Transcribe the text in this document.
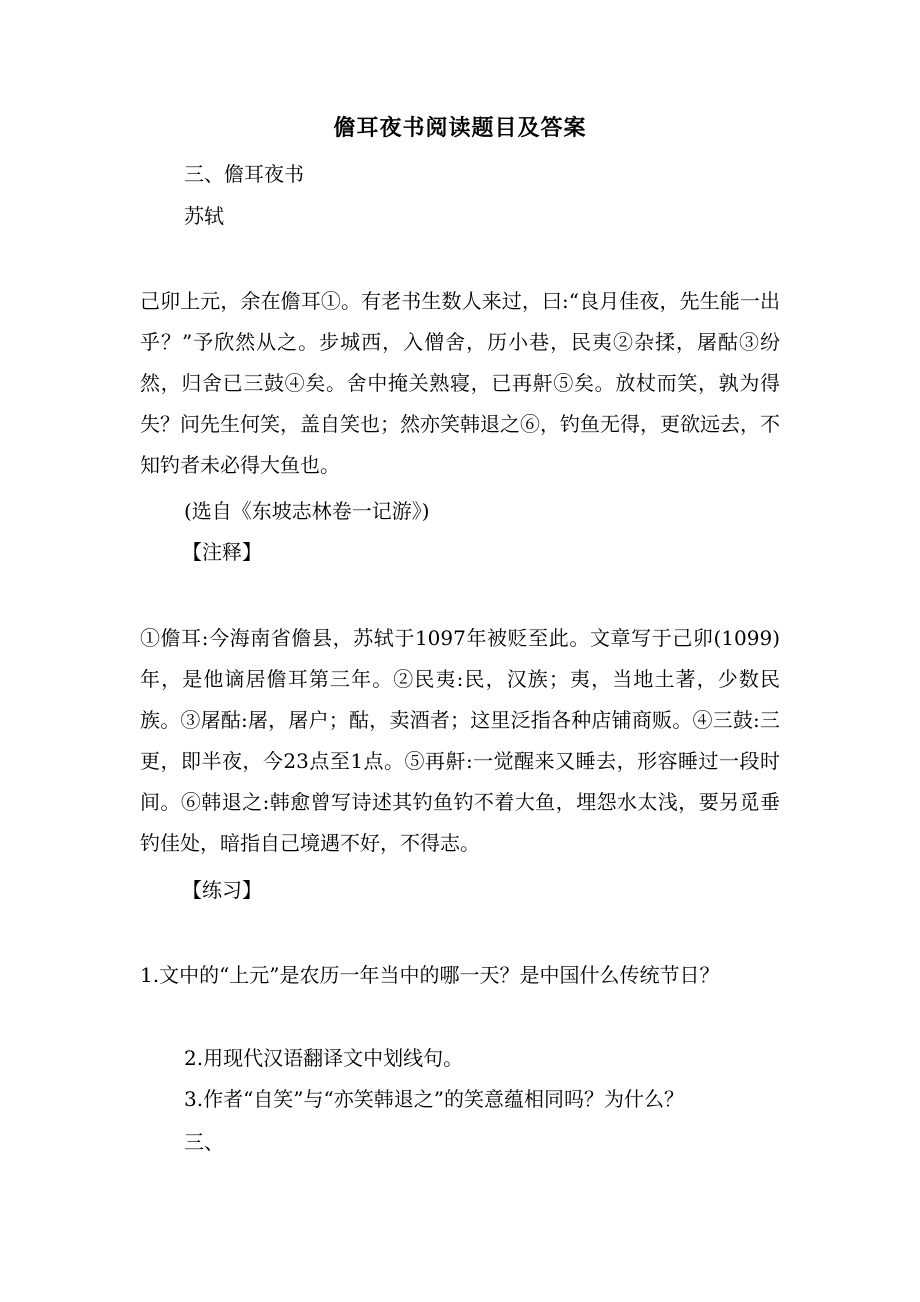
儋耳夜书阅读题目及答案
三、儋耳夜书
苏轼
己卯上元，余在儋耳①。有老书生数人来过，曰:“良月佳夜，先生能一出乎？”予欣然从之。步城西，入僧舍，历小巷，民夷②杂揉，屠酤③纷然，归舍已三鼓④矣。舍中掩关熟寝，已再鼾⑤矣。放杖而笑，孰为得失？问先生何笑，盖自笑也；然亦笑韩退之⑥，钓鱼无得，更欲远去，不知钓者未必得大鱼也。
(选自《东坡志林卷一记游》)
【注释】
①儋耳:今海南省儋县，苏轼于1097年被贬至此。文章写于己卯(1099)年，是他谪居儋耳第三年。②民夷:民，汉族；夷，当地土著，少数民族。③屠酤:屠，屠户；酤，卖酒者；这里泛指各种店铺商贩。④三鼓:三更，即半夜，今23点至1点。⑤再鼾:一觉醒来又睡去，形容睡过一段时间。⑥韩退之:韩愈曾写诗述其钓鱼钓不着大鱼，埋怨水太浅，要另觅垂钓佳处，暗指自己境遇不好，不得志。
【练习】
1.文中的“上元”是农历一年当中的哪一天？是中国什么传统节日？
2.用现代汉语翻译文中划线句。
3.作者“自笑”与“亦笑韩退之”的笑意蕴相同吗？为什么？
三、
